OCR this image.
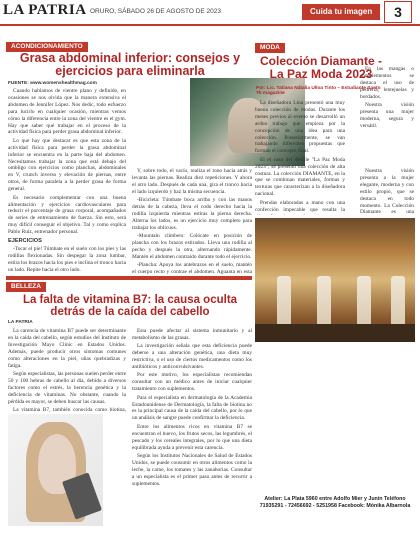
LA PATRIA ORURO, SÁBADO 26 DE AGOSTO DE 2023	Cuida tu imagen	3
ACONDICIONAMIENTO
Grasa abdominal inferior: consejos y ejercicios para eliminarla
FUENTE: www.womenshealthmag.com

Cuando hablamos de vientre plano y definido, en ocasiones se nos olvida que la manera extensiva el abdomen de Jennifer López. Nos dedic, todo esfuerzo para lucirlo en cualquier ocasión, mientras vemos cómo la diferencia entre la zona del vientre es el gym. Hay que saber qué trabajar en el proceso de la actividad física para perder grasa abdominal inferior.

Lo que hay que destacar es que esta zona de la actividad física para perder la grasa abdominal inferior se encuentra en la parte baja del abdomen. Necesitamos trabajar la zona que está debajo del ombligo con ejercicios como planchas, abdominales en V, crunch inverso y elevación de piernas, entre otros, de forma paralela a la perder grasa de forma general.

Es necesario complementar con una buena alimentación y ejercicios cardiovasculares para reducir el porcentaje de grasa corporal, acompañados de series de entrenamiento de fuerza. Sin esto, será muy difícil conseguir el objetivo. Tal y como explica Pablo Ruiz, entrenador personal.

EJERCICIOS

-Tocar el pie! Túmbate en el suelo con los pies y las rodillas flexionadas. Sin despegar la zona lumbar, estira los brazos hacia los pies e inclina el tronco hacia un lado. Repite hacia el otro lado.

Y, sobre todo, el vacío, realiza el tono hacia atrás y levanta las piernas. Realiza diez repeticiones. Y ahora el otro lado. Después de cada una, gira el tronco hacia el lado izquierdo y haz la misma secuencia.

-Bicicleta: Túmbate boca arriba y con las manos detrás de la cabeza, lleva el codo derecho hacia la rodilla izquierda mientras estiras la pierna derecha. Alterna los lados, es un ejercicio muy completo para trabajar los oblicuos.

-Mountain climbers: Colócate en posición de plancha con los brazos estirados. Lleva una rodilla al pecho y después la otra, alternando rápidamente. Mantén el abdomen contraído durante todo el ejercicio.

-Plancha: Apoya los antebrazos en el suelo, mantén el cuerpo recto y contrae el abdomen. Aguanta en esta

MODA
Colección Diamante - La Paz Moda 2023
Por: Lic. Tatiana Nátalia Ulloa Tinto – Estudiante Santo Tk magazine

La diseñadora Lina presentó una muy buena colección de modas. Durante los meses previos al evento se desarrolló un arduo trabajo que empieza por la concepción de una idea para una colección. Posteriormente, se van trabajando diferentes propuestas que forman el concepto final.

El el caso del desfile "La Paz Moda 2023", se presentó una colección de alta costura. La colección DIAMANTE, en la que se combinan materiales, formas y texturas que caracterizan a la diseñadora nacional.

Prendas elaboradas a mano con una confección impecable que resalta la

En las mangas o complementos se destaca el uso de pedrería, lentejuelas y bordados.

Nuestra visión presenta una mujer moderna, segura y versátil.

Nuestra visión presenta a la mujer elegante, moderna y con estilo propio, que se destaca en todo momento. La Colección Diamante es una

Atelier: La Plata 5960 entre Adolfo Mier y Junín Teléfono 71935291 - 72456692 - 5251958 Facebook: Mónika Albarnola
BELLEZA
La falta de vitamina B7: la causa oculta detrás de la caída del cabello
LA PATRIA

La carencia de vitamina B7 puede ser determinante en la caída del cabello, según estudios del Instituto de Investigación Mayo Clinic en Estados Unidos. Además, puede producir otros síntomas comunes como alteraciones en la piel, uñas quebradizas y fatiga.

Según especialistas, las personas suelen perder entre 50 y 100 hebras de cabello al día, debido a diversos factores como el estrés, la herencia genética y la deficiencia de vitaminas. No obstante, cuando la pérdida es mayor, se deben buscar las causas.

La vitamina B7, también conocida como biotina,

Esta puede afectar al sistema inmunitario y al metabolismo de las grasas.

La investigación señala que esta deficiencia puede deberse a una alteración genética, una dieta muy restrictiva, o el uso de ciertos medicamentos como los antibióticos y anticonvulsivantes.

Por este motivo, los especialistas recomiendan consultar con un médico antes de iniciar cualquier tratamiento con suplementos.

Para el especialista en dermatología de la Academia Estadounidense de Dermatología, la falta de biotina no es la principal causa de la caída del cabello, por lo que un análisis de sangre puede confirmar la deficiencia.

Entre los alimentos ricos en vitamina B7 se encuentran el huevo, los frutos secos, las legumbres, el pescado y los cereales integrales, por lo que una dieta equilibrada ayuda a prevenir esta carencia.

Según los Institutos Nacionales de Salud de Estados Unidos, se puede consumir en otros alimentos como la leche, la carne, los tomates y las zanahorias. Consultar a un especialista es el primer paso antes de recurrir a suplementos.
